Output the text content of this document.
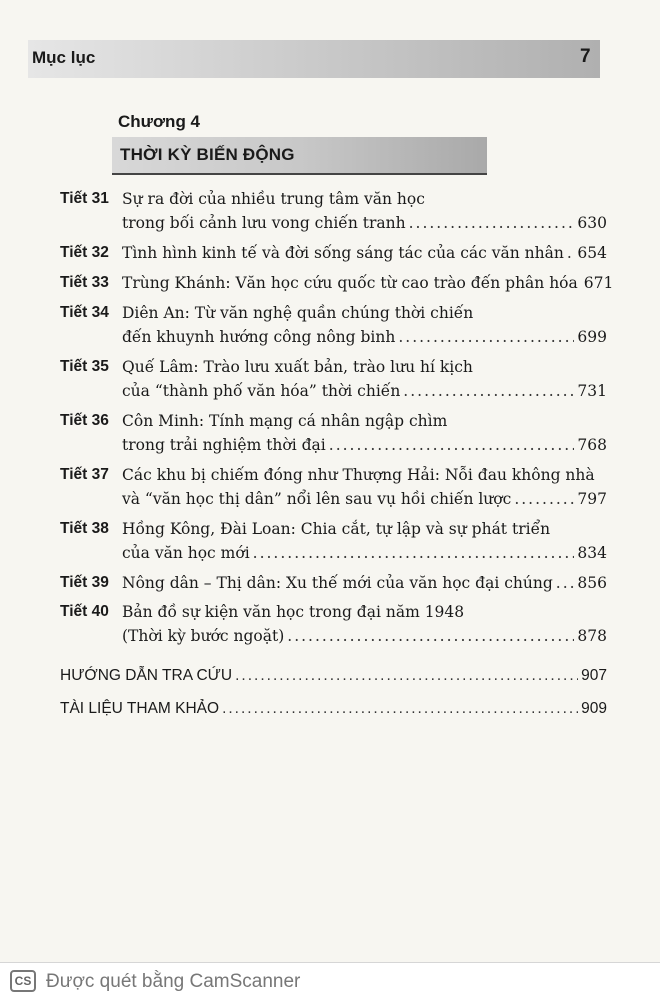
Mục lục	7
Chương 4
THỜI KỲ BIẾN ĐỘNG
Tiết 31 Sự ra đời của nhiều trung tâm văn học
trong bối cảnh lưu vong chiến tranh .....	630
Tiết 32 Tình hình kinh tế và đời sống sáng tác của các văn nhân ..... 654
Tiết 33 Trùng Khánh: Văn học cứu quốc từ cao trào đến phân hóa 671
Tiết 34 Diên An: Từ văn nghệ quần chúng thời chiến
đến khuynh hướng công nông binh .....	699
Tiết 35 Quế Lâm: Trào lưu xuất bản, trào lưu hí kịch
của “thành phố văn hóa” thời chiến .....	731
Tiết 36 Côn Minh: Tính mạng cá nhân ngập chìm
trong trải nghiệm thời đại .....	768
Tiết 37 Các khu bị chiếm đóng như Thượng Hải: Nỗi đau không nhà
và “văn học thị dân” nổi lên sau vụ hồi chiến lược .....	797
Tiết 38 Hồng Kông, Đài Loan: Chia cắt, tự lập và sự phát triển
của văn học mới .....	834
Tiết 39 Nông dân – Thị dân: Xu thế mới của văn học đại chúng ..... 856
Tiết 40 Bản đồ sự kiện văn học trong đại năm 1948
(Thời kỳ bước ngoặt) .....	878
HƯỚNG DẪN TRA CỨU .....	907
TÀI LIỆU THAM KHẢO .....	909
CS Được quét bằng CamScanner
